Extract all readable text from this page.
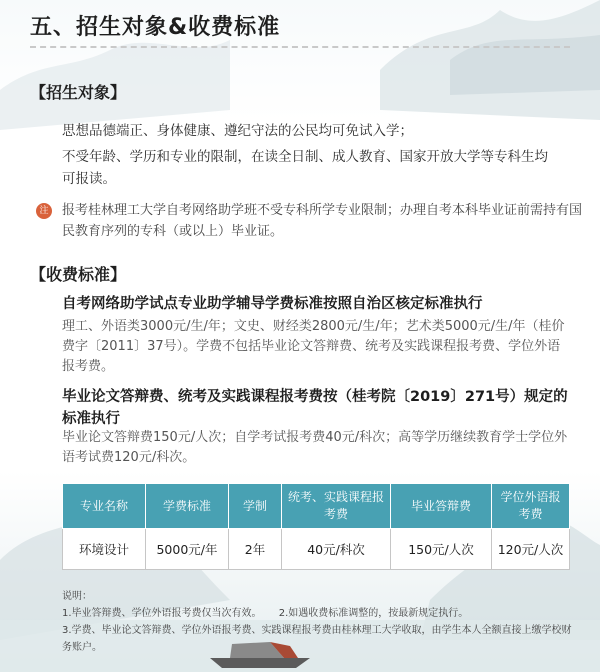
五、招生对象&收费标准
【招生对象】
思想品德端正、身体健康、遵纪守法的公民均可免试入学；
不受年龄、学历和专业的限制，在读全日制、成人教育、国家开放大学等专科生均可报读。
注 报考桂林理工大学自考网络助学班不受专科所学专业限制；办理自考本科毕业证前需持有国民教育序列的专科（或以上）毕业证。
【收费标准】
自考网络助学试点专业助学辅导学费标准按照自治区核定标准执行
理工、外语类3000元/生/年；文史、财经类2800元/生/年；艺术类5000元/生/年（桂价费字〔2011〕37号）。学费不包括毕业论文答辩费、统考及实践课程报考费、学位外语报考费。
毕业论文答辩费、统考及实践课程报考费按（桂考院〔2019〕271号）规定的标准执行
毕业论文答辩费150元/人次；自学考试报考费40元/科次；高等学历继续教育学士学位外语考试费120元/科次。
专业名称	学费标准	学制	统考、实践课程报考费	毕业答辩费	学位外语报考费
环境设计	5000元/年	2年	40元/科次	150元/人次	120元/人次
说明：
1.毕业答辩费、学位外语报考费仅当次有效。 2.如遇收费标准调整的，按最新规定执行。
3.学费、毕业论文答辩费、学位外语报考费、实践课程报考费由桂林理工大学收取，由学生本人全额直接上缴学校财务账户。
